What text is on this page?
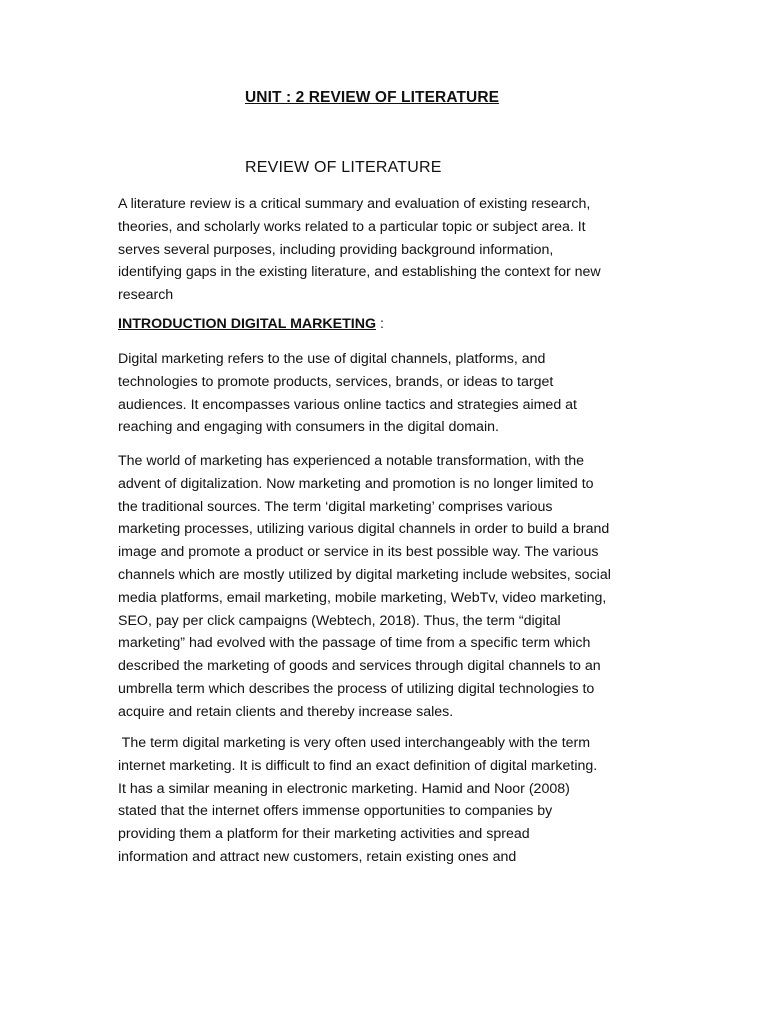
UNIT : 2 REVIEW OF LITERATURE
REVIEW OF LITERATURE
A literature review is a critical summary and evaluation of existing research,
theories, and scholarly works related to a particular topic or subject area. It
serves several purposes, including providing background information,
identifying gaps in the existing literature, and establishing the context for new
research
INTRODUCTION DIGITAL MARKETING :
Digital marketing refers to the use of digital channels, platforms, and
technologies to promote products, services, brands, or ideas to target
audiences. It encompasses various online tactics and strategies aimed at
reaching and engaging with consumers in the digital domain.
The world of marketing has experienced a notable transformation, with the
advent of digitalization. Now marketing and promotion is no longer limited to
the traditional sources. The term ‘digital marketing’ comprises various
marketing processes, utilizing various digital channels in order to build a brand
image and promote a product or service in its best possible way. The various
channels which are mostly utilized by digital marketing include websites, social
media platforms, email marketing, mobile marketing, WebTv, video marketing,
SEO, pay per click campaigns (Webtech, 2018). Thus, the term “digital
marketing” had evolved with the passage of time from a specific term which
described the marketing of goods and services through digital channels to an
umbrella term which describes the process of utilizing digital technologies to
acquire and retain clients and thereby increase sales.
The term digital marketing is very often used interchangeably with the term
internet marketing. It is difficult to find an exact definition of digital marketing.
It has a similar meaning in electronic marketing. Hamid and Noor (2008)
stated that the internet offers immense opportunities to companies by
providing them a platform for their marketing activities and spread
information and attract new customers, retain existing ones and
